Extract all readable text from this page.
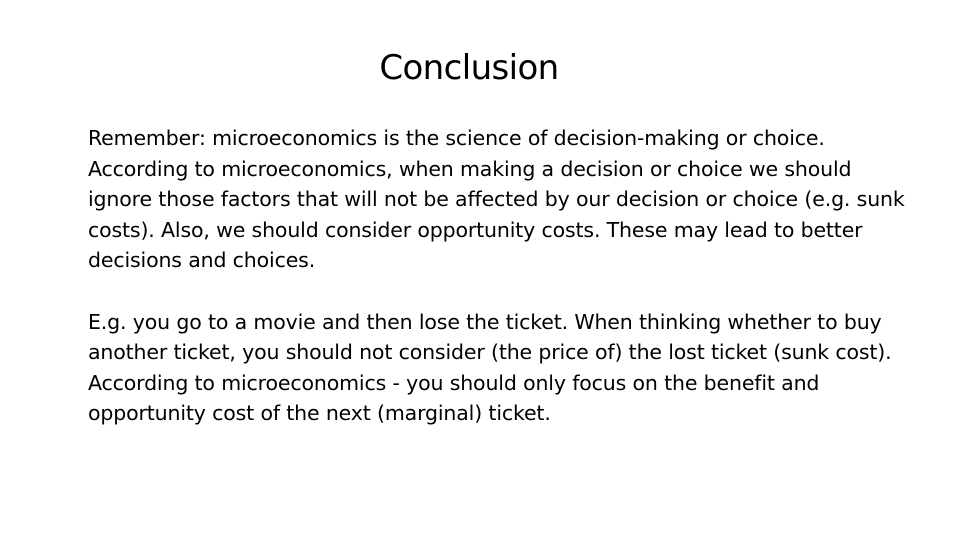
Conclusion

Remember: microeconomics is the science of decision-making or choice. According to microeconomics, when making a decision or choice we should ignore those factors that will not be affected by our decision or choice (e.g. sunk costs). Also, we should consider opportunity costs. These may lead to better decisions and choices.

E.g. you go to a movie and then lose the ticket. When thinking whether to buy another ticket, you should not consider (the price of) the lost ticket (sunk cost). According to microeconomics - you should only focus on the benefit and opportunity cost of the next (marginal) ticket.
